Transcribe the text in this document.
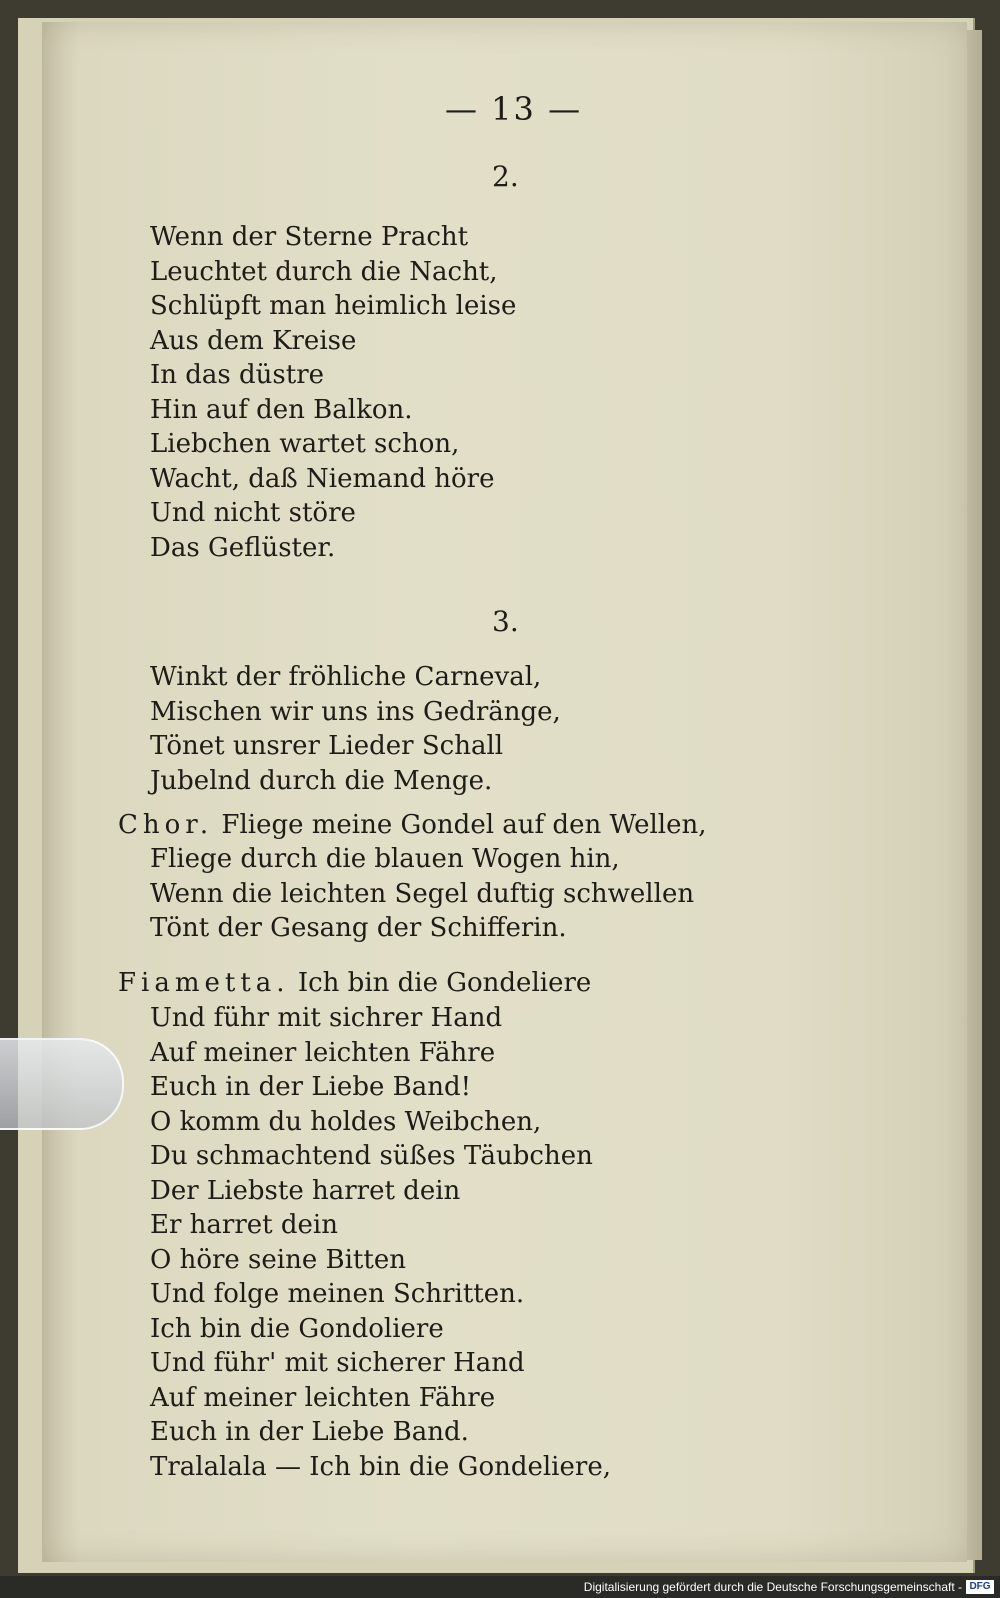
— 13 —
2.
Wenn der Sterne Pracht
Leuchtet durch die Nacht,
Schlüpft man heimlich leise
Aus dem Kreise
In das düstre
Hin auf den Balkon.
Liebchen wartet schon,
Wacht, daß Niemand höre
Und nicht störe
Das Geflüster.
3.
Winkt der fröhliche Carneval,
Mischen wir uns ins Gedränge,
Tönet unsrer Lieder Schall
Jubelnd durch die Menge.
Chor. Fliege meine Gondel auf den Wellen,
Fliege durch die blauen Wogen hin,
Wenn die leichten Segel duftig schwellen
Tönt der Gesang der Schifferin.
Fiametta. Ich bin die Gondeliere
Und führ mit sichrer Hand
Auf meiner leichten Fähre
Euch in der Liebe Band!
O komm du holdes Weibchen,
Du schmachtend süßes Täubchen
Der Liebste harret dein
Er harret dein
O höre seine Bitten
Und folge meinen Schritten.
Ich bin die Gondoliere
Und führ' mit sicherer Hand
Auf meiner leichten Fähre
Euch in der Liebe Band.
Tralalala — Ich bin die Gondeliere,
Digitalisierung gefördert durch die Deutsche Forschungsgemeinschaft - DFG
